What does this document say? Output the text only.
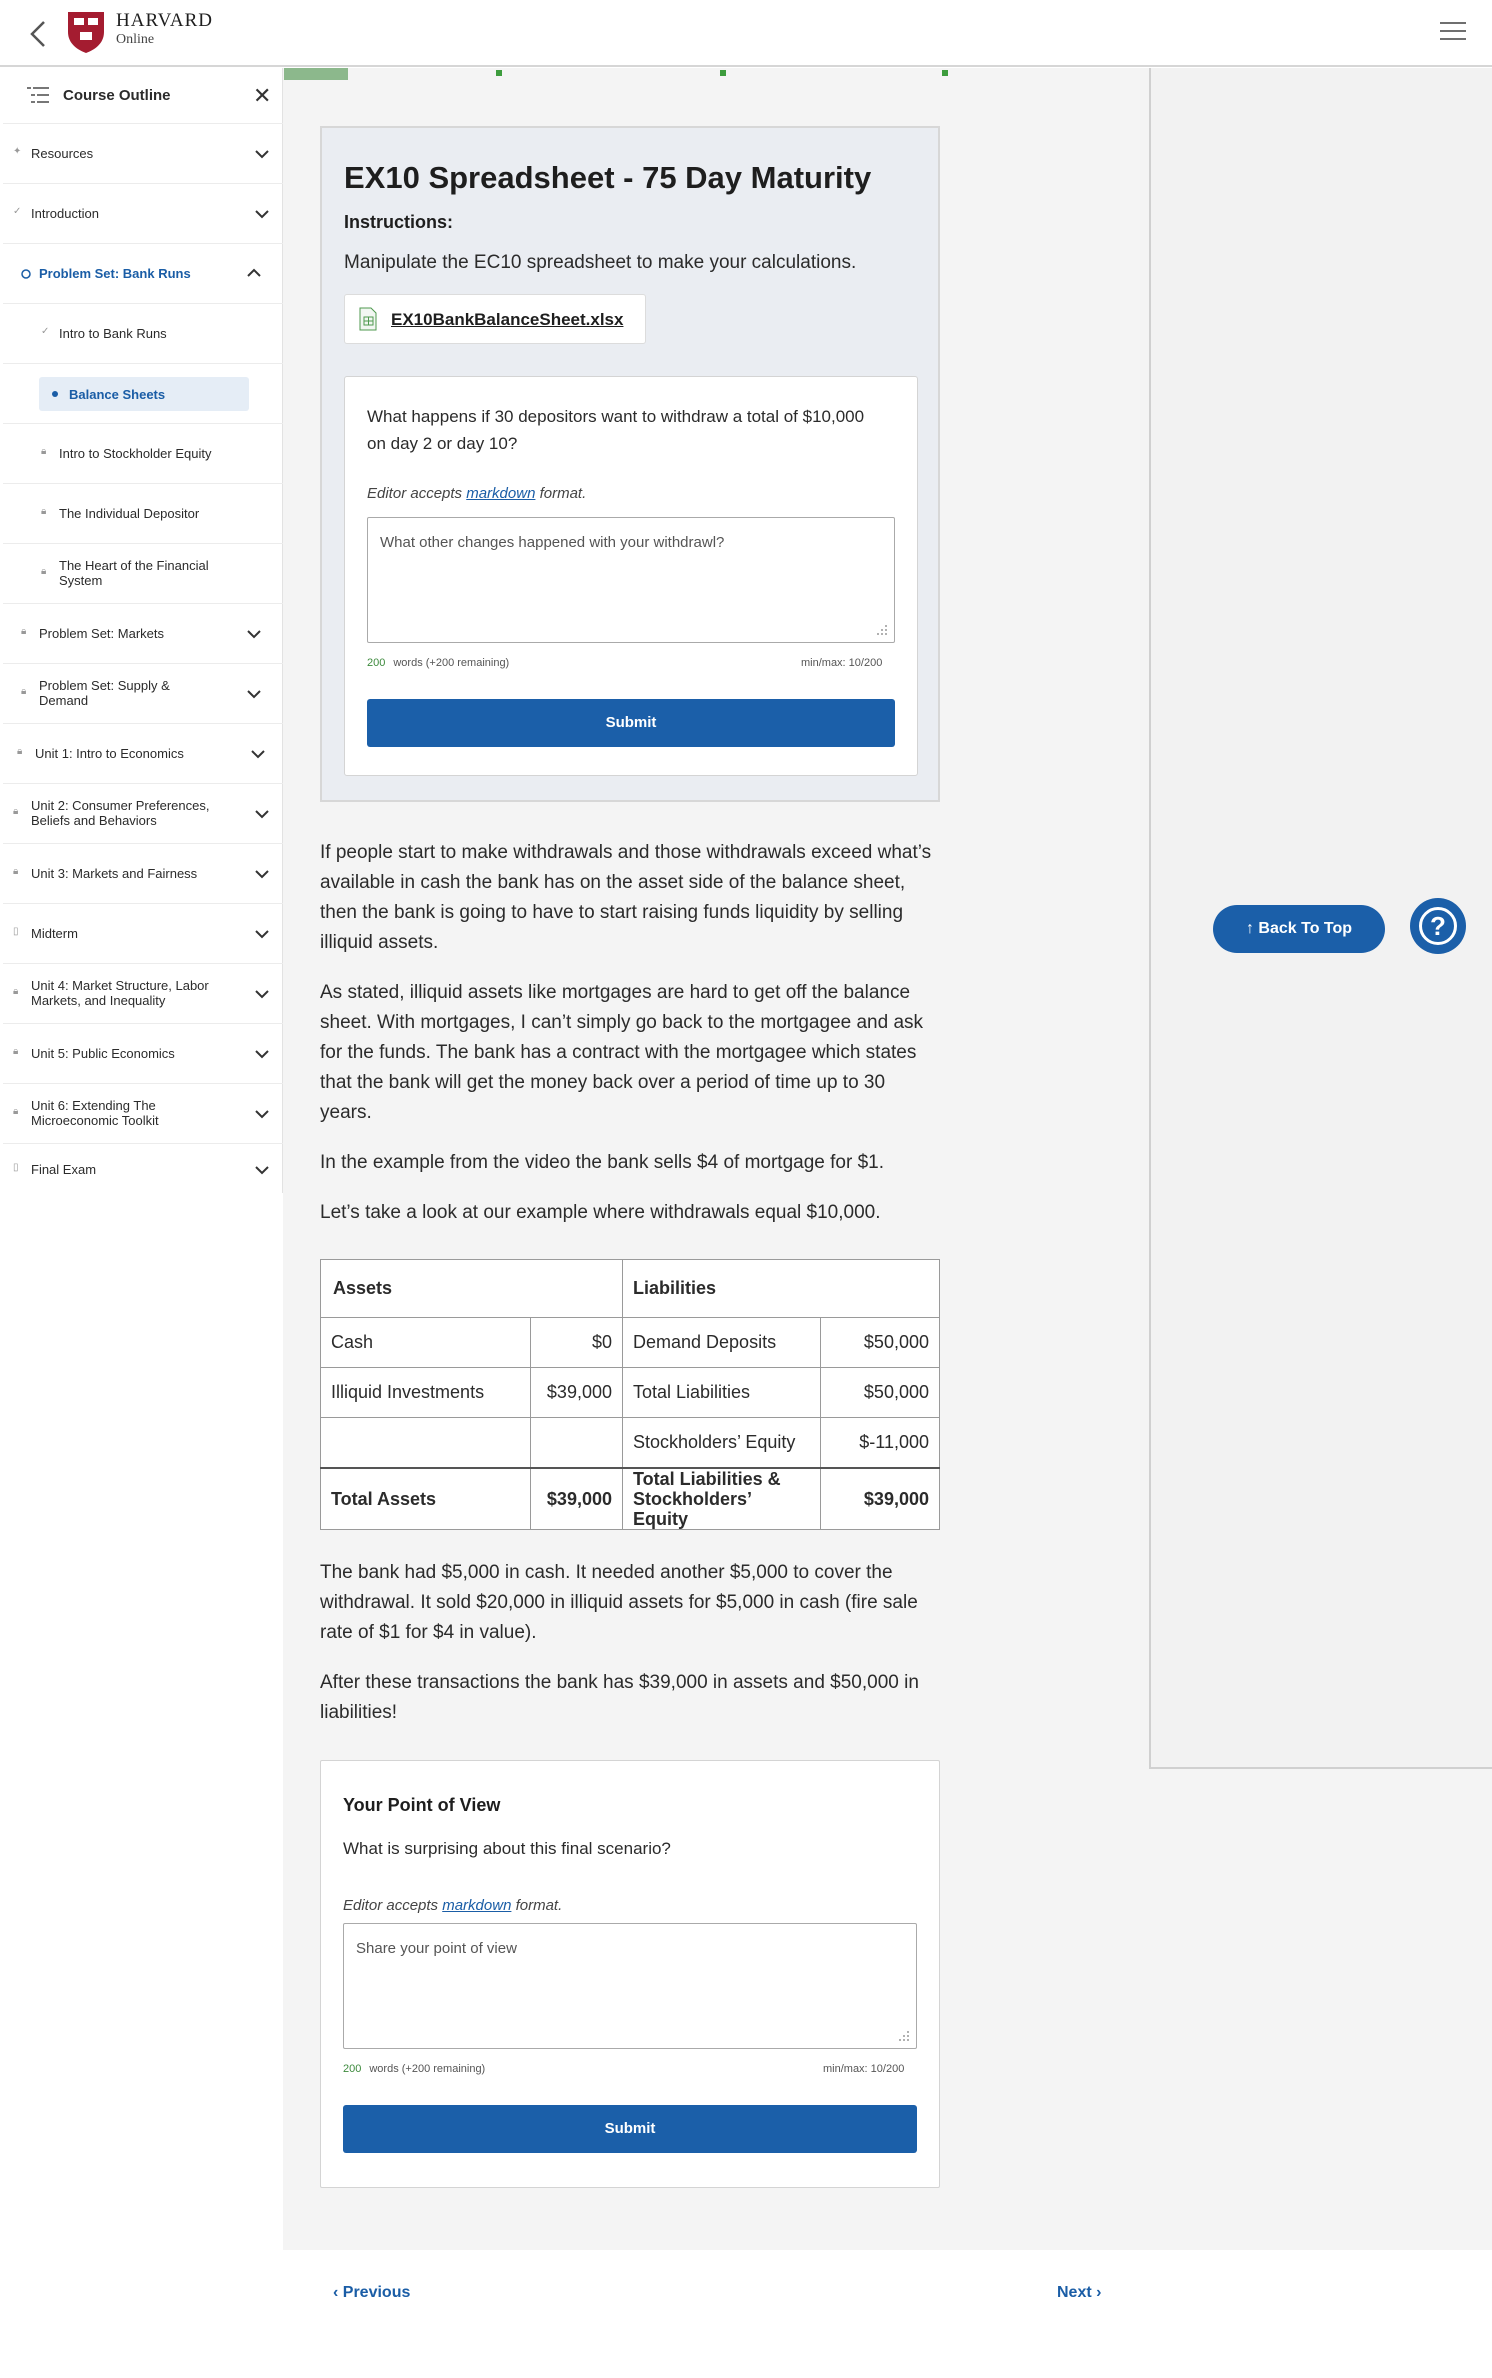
HARVARD
Online
Course Outline	✕
✦ Resources
✓ Introduction
Problem Set: Bank Runs
✓ Intro to Bank Runs
Balance Sheets
🔒︎ Intro to Stockholder Equity
🔒︎ The Individual Depositor
🔒︎ The Heart of the Financial System
🔒︎ Problem Set: Markets
🔒︎ Problem Set: Supply & Demand
🔒︎ Unit 1: Intro to Economics
🔒︎ Unit 2: Consumer Preferences, Beliefs and Behaviors
🔒︎ Unit 3: Markets and Fairness
▯ Midterm
🔒︎ Unit 4: Market Structure, Labor Markets, and Inequality
🔒︎ Unit 5: Public Economics
🔒︎ Unit 6: Extending The Microeconomic Toolkit
▯ Final Exam
EX10 Spreadsheet - 75 Day Maturity
Instructions:
Manipulate the EC10 spreadsheet to make your calculations.
EX10BankBalanceSheet.xlsx
What happens if 30 depositors want to withdraw a total of $10,000 on day 2 or day 10?
Editor accepts markdown format.
What other changes happened with your withdrawl?
200 words (+200 remaining)	min/max: 10/200
Submit
If people start to make withdrawals and those withdrawals exceed what’s available in cash the bank has on the asset side of the balance sheet, then the bank is going to have to start raising funds liquidity by selling illiquid assets.
As stated, illiquid assets like mortgages are hard to get off the balance sheet. With mortgages, I can’t simply go back to the mortgagee and ask for the funds. The bank has a contract with the mortgagee which states that the bank will get the money back over a period of time up to 30 years.
In the example from the video the bank sells $4 of mortgage for $1.
Let’s take a look at our example where withdrawals equal $10,000.
Assets		Liabilities	
Cash	$0	Demand Deposits	$50,000
Illiquid Investments	$39,000	Total Liabilities	$50,000
		Stockholders’ Equity	$-11,000
Total Assets	$39,000	Total Liabilities & Stockholders’ Equity	$39,000
The bank had $5,000 in cash. It needed another $5,000 to cover the withdrawal. It sold $20,000 in illiquid assets for $5,000 in cash (fire sale rate of $1 for $4 in value).
After these transactions the bank has $39,000 in assets and $50,000 in liabilities!
Your Point of View
What is surprising about this final scenario?
Editor accepts markdown format.
Share your point of view
200 words (+200 remaining)	min/max: 10/200
Submit
↑ Back To Top	?
‹ Previous	Next ›
